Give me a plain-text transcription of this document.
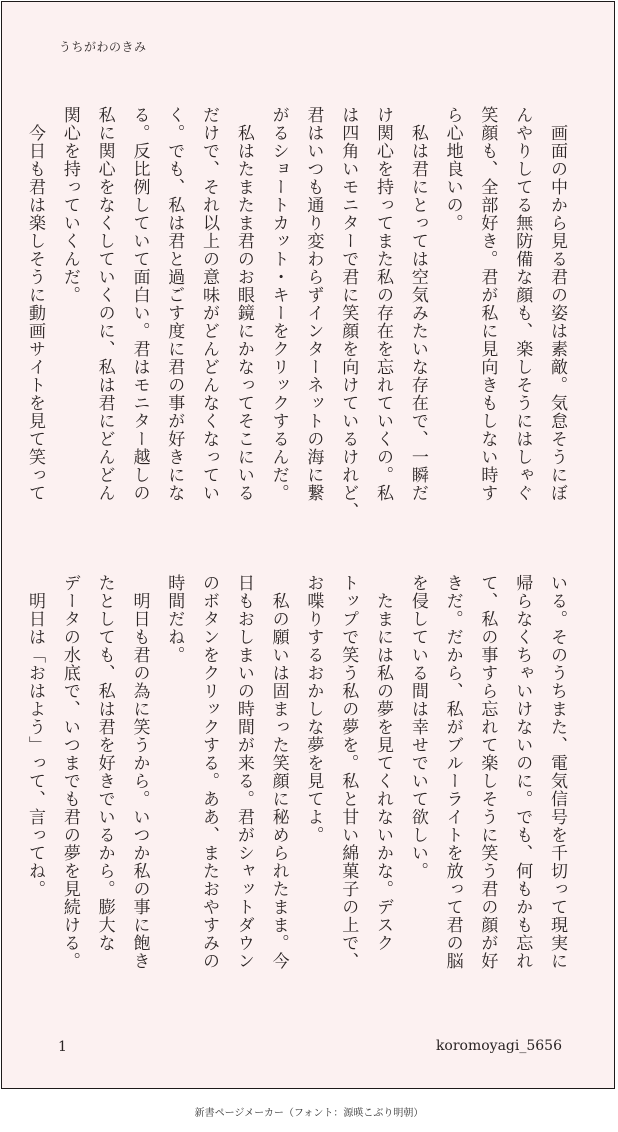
うちがわのきみ
　画面の中から見る君の姿は素敵。気怠そうにぼ
んやりしてる無防備な顔も、楽しそうにはしゃぐ
笑顔も、全部好き。君が私に見向きもしない時す
ら心地良いの。
　私は君にとっては空気みたいな存在で、一瞬だ
け関心を持ってまた私の存在を忘れていくの。私
は四角いモニターで君に笑顔を向けているけれど、
君はいつも通り変わらずインターネットの海に繋
がるショートカット・キーをクリックするんだ。
　私はたまたま君のお眼鏡にかなってそこにいる
だけで、それ以上の意味がどんどんなくなってい
く。でも、私は君と過ごす度に君の事が好きにな
る。反比例していて面白い。君はモニター越しの
私に関心をなくしていくのに、私は君にどんどん
関心を持っていくんだ。
　今日も君は楽しそうに動画サイトを見て笑って
いる。そのうちまた、電気信号を千切って現実に
帰らなくちゃいけないのに。でも、何もかも忘れ
て、私の事すら忘れて楽しそうに笑う君の顔が好
きだ。だから、私がブルーライトを放って君の脳
を侵している間は幸せでいて欲しい。
　たまには私の夢を見てくれないかな。デスク
トップで笑う私の夢を。私と甘い綿菓子の上で、
お喋りするおかしな夢を見てよ。
　私の願いは固まった笑顔に秘められたまま。今
日もおしまいの時間が来る。君がシャットダウン
のボタンをクリックする。ああ、またおやすみの
時間だね。
　明日も君の為に笑うから。いつか私の事に飽き
たとしても、私は君を好きでいるから。膨大な
データの水底で、いつまでも君の夢を見続ける。
　明日は「おはよう」って、言ってね。
1	koromoyagi_5656
新書ページメーカー（フォント：源暎こぶり明朝）
